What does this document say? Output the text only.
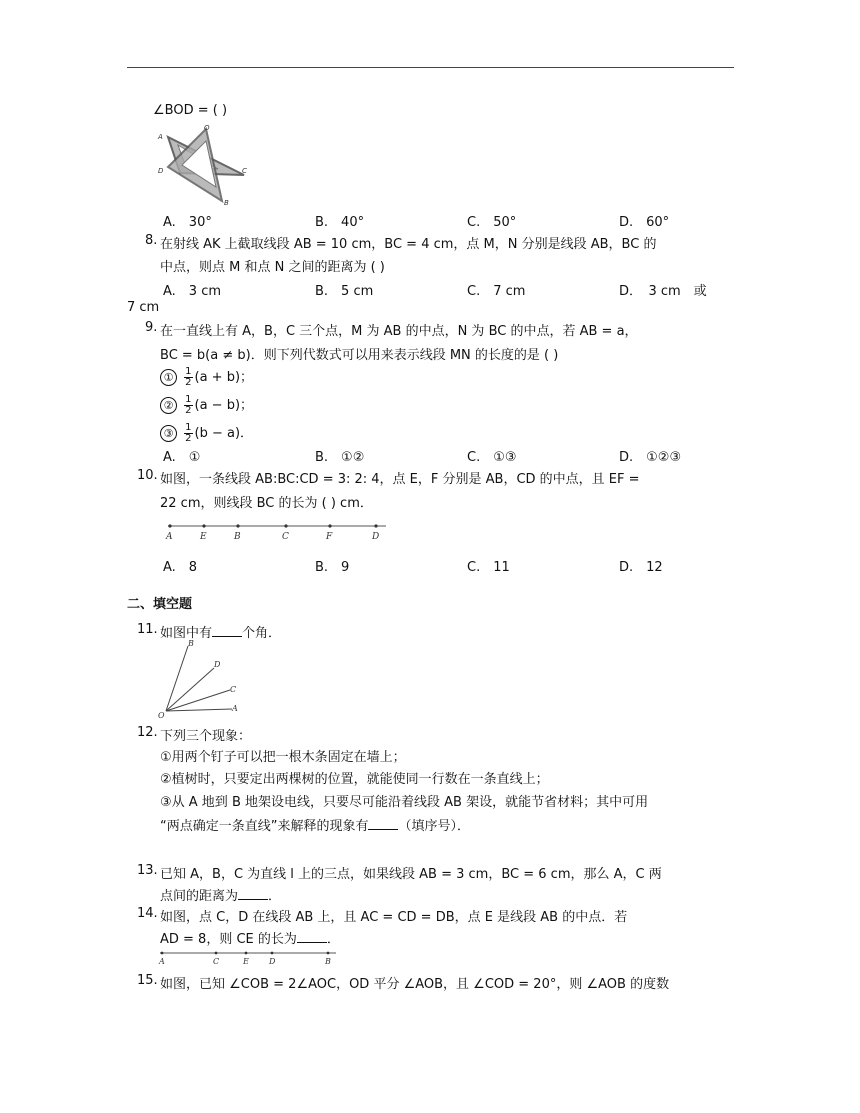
∠BOD = ( )
O
A
D	C
B
A.　30°	B.　40°	C.　50°	D.　60°
8. 在射线 AK 上截取线段 AB = 10 cm，BC = 4 cm，点 M，N 分别是线段 AB，BC 的
中点，则点 M 和点 N 之间的距离为 ( )
A.　3 cm	B.　5 cm	C.　7 cm	D．　3 cm　或
7 cm
9. 在一直线上有 A，B，C 三个点，M 为 AB 的中点，N 为 BC 的中点，若 AB = a，
BC = b(a ≠ b)．则下列代数式可以用来表示线段 MN 的长度的是 ( )
① $\frac{1}{2} (a + b)$；
② $\frac{1}{2} (a - b)$；
③ $\frac{1}{2} (b - a)$．
A.　①	B.　①②	C.　①③	D.　①②③
10. 如图，一条线段 AB:BC:CD = 3: 2: 4，点 E，F 分别是 AB，CD 的中点，且 EF =
22 cm，则线段 BC 的长为 ( ) cm．
A	E	B	C	F	D
A.　8	B.　9	C.　11	D.　12
二、填空题
11. 如图中有 个角．
B
D
C
A
O
12. 下列三个现象：
①用两个钉子可以把一根木条固定在墙上；
②植树时，只要定出两棵树的位置，就能使同一行数在一条直线上；
③从 A 地到 B 地架设电线，只要尽可能沿着线段 AB 架设，就能节省材料；其中可用
“两点确定一条直线”来解释的现象有 （填序号）．
13. 已知 A，B，C 为直线 l 上的三点，如果线段 AB = 3 cm，BC = 6 cm，那么 A，C 两
点间的距离为 ．
14. 如图，点 C，D 在线段 AB 上，且 AC = CD = DB，点 E 是线段 AB 的中点．若
AD = 8，则 CE 的长为 ．
A	C	E	D	B
15. 如图，已知 ∠COB = 2∠AOC，OD 平分 ∠AOB，且 ∠COD = 20°，则 ∠AOB 的度数
